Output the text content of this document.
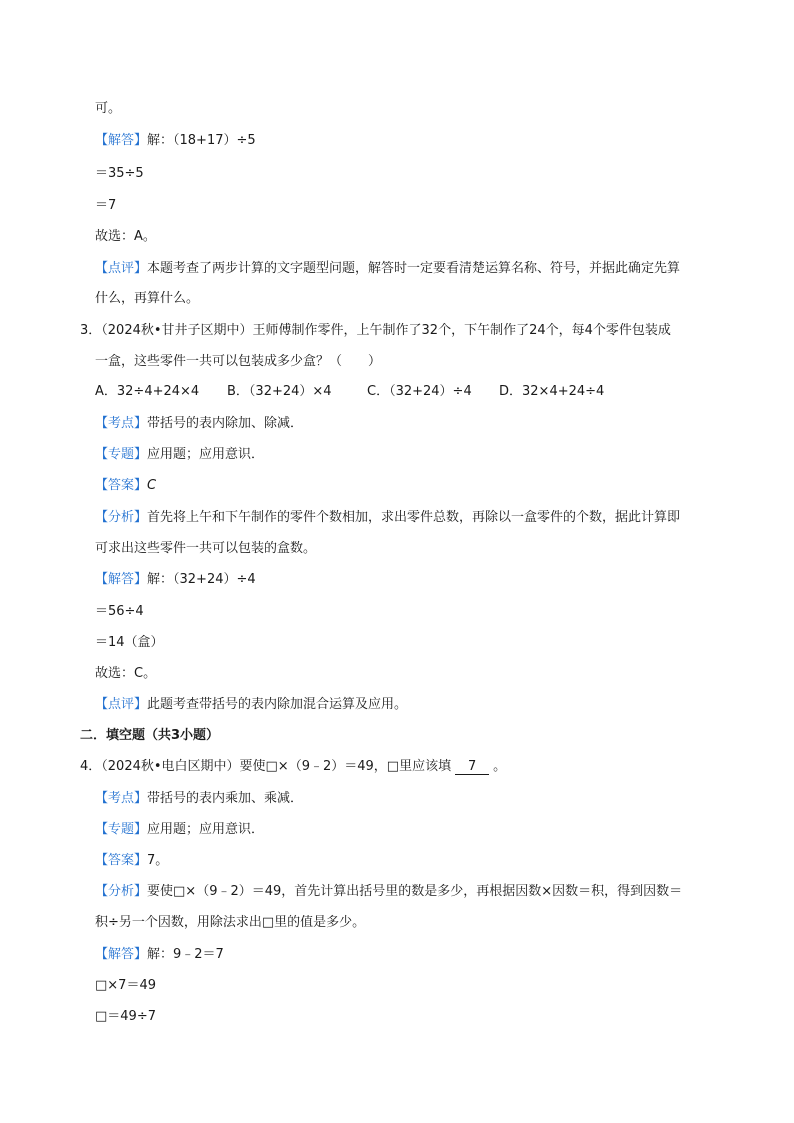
可。
【解答】解：（18+17）÷5
＝35÷5
＝7
故选：A。
【点评】本题考查了两步计算的文字题型问题，解答时一定要看清楚运算名称、符号，并据此确定先算
什么，再算什么。
3．（2024秋•甘井子区期中）王师傅制作零件，上午制作了32个，下午制作了24个，每4个零件包装成
一盒，这些零件一共可以包装成多少盒？（　　）
A．32÷4+24×4 B．（32+24）×4	C．（32+24）÷4 D．32×4+24÷4
【考点】带括号的表内除加、除减．
【专题】应用题；应用意识．
【答案】C
【分析】首先将上午和下午制作的零件个数相加，求出零件总数，再除以一盒零件的个数，据此计算即
可求出这些零件一共可以包装的盒数。
【解答】解：（32+24）÷4
＝56÷4
＝14（盒）
故选：C。
【点评】此题考查带括号的表内除加混合运算及应用。
二．填空题（共3小题）
4．（2024秋•电白区期中）要使□×（9﹣2）＝49，□里应该填 7 。
【考点】带括号的表内乘加、乘减．
【专题】应用题；应用意识．
【答案】7。
【分析】要使□×（9﹣2）＝49，首先计算出括号里的数是多少，再根据因数×因数＝积，得到因数＝
积÷另一个因数，用除法求出□里的值是多少。
【解答】解：9﹣2＝7
□×7＝49
□＝49÷7
